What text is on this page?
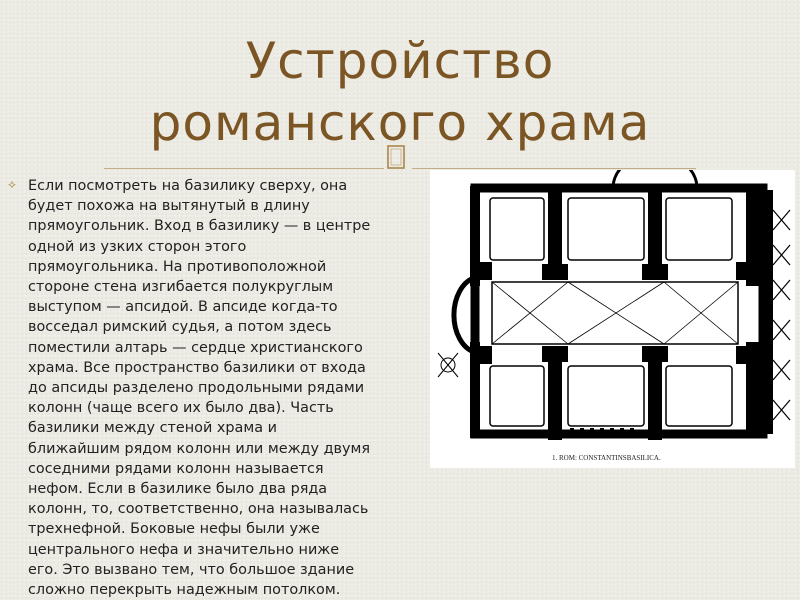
Устройство
романского храма
⟡ Если посмотреть на базилику сверху, она
будет похожа на вытянутый в длину
прямоугольник. Вход в базилику — в центре
одной из узких сторон этого
прямоугольника. На противоположной
стороне стена изгибается полукруглым
выступом — апсидой. В апсиде когда-то
восседал римский судья, а потом здесь
поместили алтарь — сердце христианского
храма. Все пространство базилики от входа
до апсиды разделено продольными рядами
колонн (чаще всего их было два). Часть
базилики между стеной храма и
ближайшим рядом колонн или между двумя
соседними рядами колонн называется
нефом. Если в базилике было два ряда
колонн, то, соответственно, она называлась
трехнефной. Боковые нефы были уже
центрального нефа и значительно ниже
его. Это вызвано тем, что большое здание
сложно перекрыть надежным потолком.
1. ROM: CONSTANTINSBASILICA.
